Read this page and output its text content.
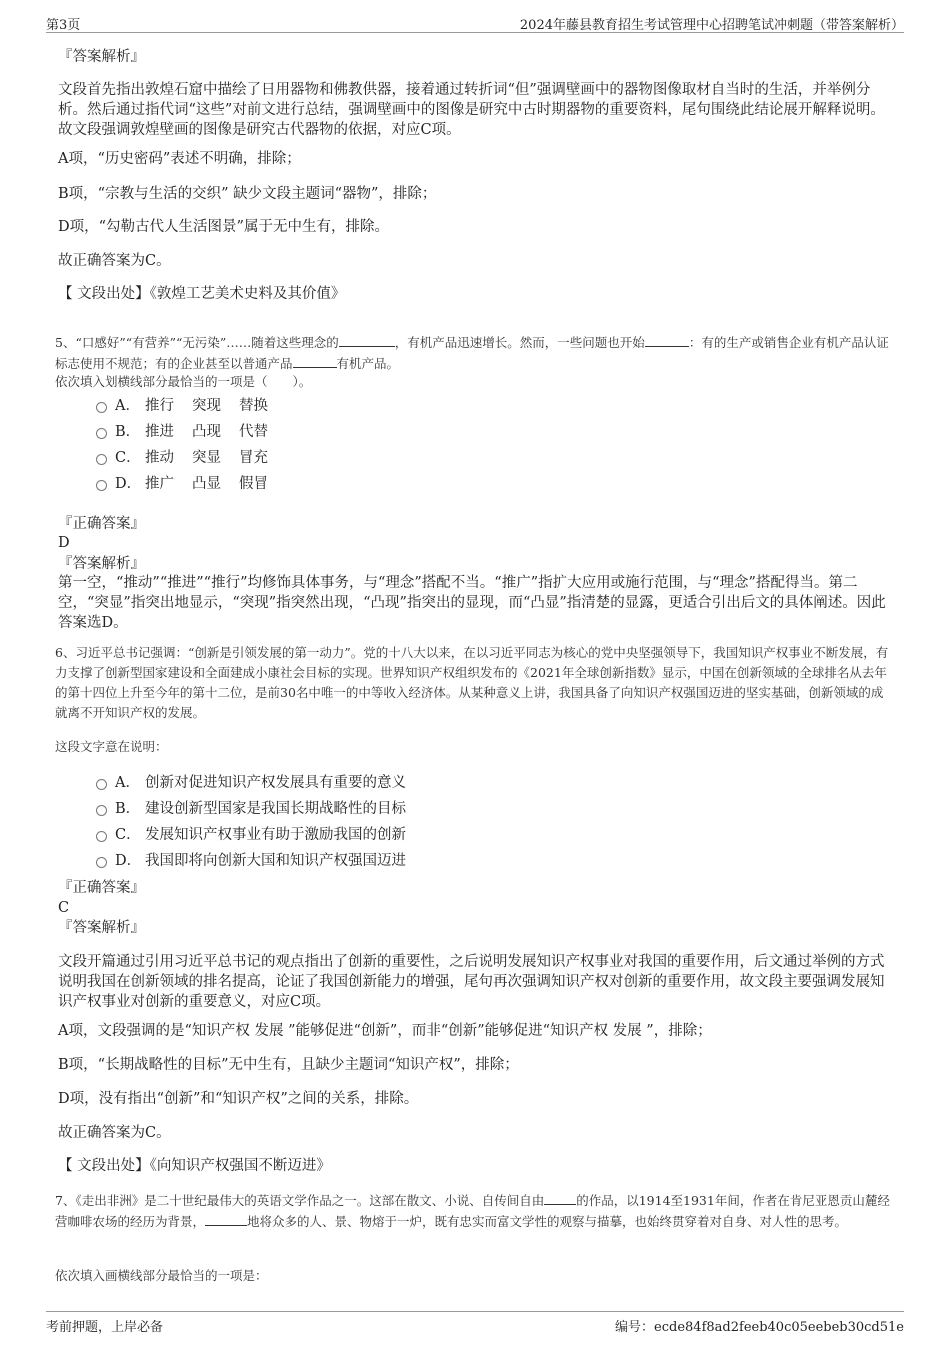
第3页	2024年藤县教育招生考试管理中心招聘笔试冲刺题（带答案解析）
『答案解析』
文段首先指出敦煌石窟中描绘了日用器物和佛教供器，接着通过转折词“但”强调壁画中的器物图像取材自当时的生活，并举例分析。然后通过指代词“这些”对前文进行总结，强调壁画中的图像是研究中古时期器物的重要资料，尾句围绕此结论展开解释说明。故文段强调敦煌壁画的图像是研究古代器物的依据，对应C项。
A项，“历史密码”表述不明确，排除；
B项，“宗教与生活的交织” 缺少文段主题词“器物”，排除；
D项，“勾勒古代人生活图景”属于无中生有，排除。
故正确答案为C。
【 文段出处】《敦煌工艺美术史料及其价值》
5、“口感好”“有营养”“无污染”……随着这些理念的	，有机产品迅速增长。然而，一些问题也开始	：有的生产或销售企业有机产品认证标志使用不规范；有的企业甚至以普通产品	有机产品。
依次填入划横线部分最恰当的一项是（　　）。
A． 推行 突现 替换
B． 推进 凸现 代替
C． 推动 突显 冒充
D． 推广 凸显 假冒
『正确答案』
D
『答案解析』
第一空，“推动”“推进”“推行”均修饰具体事务，与“理念”搭配不当。“推广”指扩大应用或施行范围，与“理念”搭配得当。第二空，“突显”指突出地显示，“突现”指突然出现，“凸现”指突出的显现，而“凸显”指清楚的显露，更适合引出后文的具体阐述。因此答案选D。
6、习近平总书记强调：“创新是引领发展的第一动力”。党的十八大以来，在以习近平同志为核心的党中央坚强领导下，我国知识产权事业不断发展，有力支撑了创新型国家建设和全面建成小康社会目标的实现。世界知识产权组织发布的《2021年全球创新指数》显示，中国在创新领域的全球排名从去年的第十四位上升至今年的第十二位，是前30名中唯一的中等收入经济体。从某种意义上讲，我国具备了向知识产权强国迈进的坚实基础，创新领域的成就离不开知识产权的发展。
这段文字意在说明：
A． 创新对促进知识产权发展具有重要的意义
B． 建设创新型国家是我国长期战略性的目标
C． 发展知识产权事业有助于激励我国的创新
D． 我国即将向创新大国和知识产权强国迈进
『正确答案』
C
『答案解析』
文段开篇通过引用习近平总书记的观点指出了创新的重要性，之后说明发展知识产权事业对我国的重要作用，后文通过举例的方式说明我国在创新领域的排名提高，论证了我国创新能力的增强，尾句再次强调知识产权对创新的重要作用，故文段主要强调发展知识产权事业对创新的重要意义，对应C项。
A项，文段强调的是“知识产权 发展 ”能够促进“创新”，而非“创新”能够促进“知识产权 发展 ”，排除；
B项，“长期战略性的目标”无中生有，且缺少主题词“知识产权”，排除；
D项，没有指出“创新”和“知识产权”之间的关系，排除。
故正确答案为C。
【 文段出处】《向知识产权强国不断迈进》
7、《走出非洲》是二十世纪最伟大的英语文学作品之一。这部在散文、小说、自传间自由	的作品，以1914至1931年间，作者在肯尼亚恩贡山麓经营咖啡农场的经历为背景，	地将众多的人、景、物熔于一炉，既有忠实而富文学性的观察与描摹，也始终贯穿着对自身、对人性的思考。
依次填入画横线部分最恰当的一项是：
考前押题，上岸必备	编号：ecde84f8ad2feeb40c05eebeb30cd51e
